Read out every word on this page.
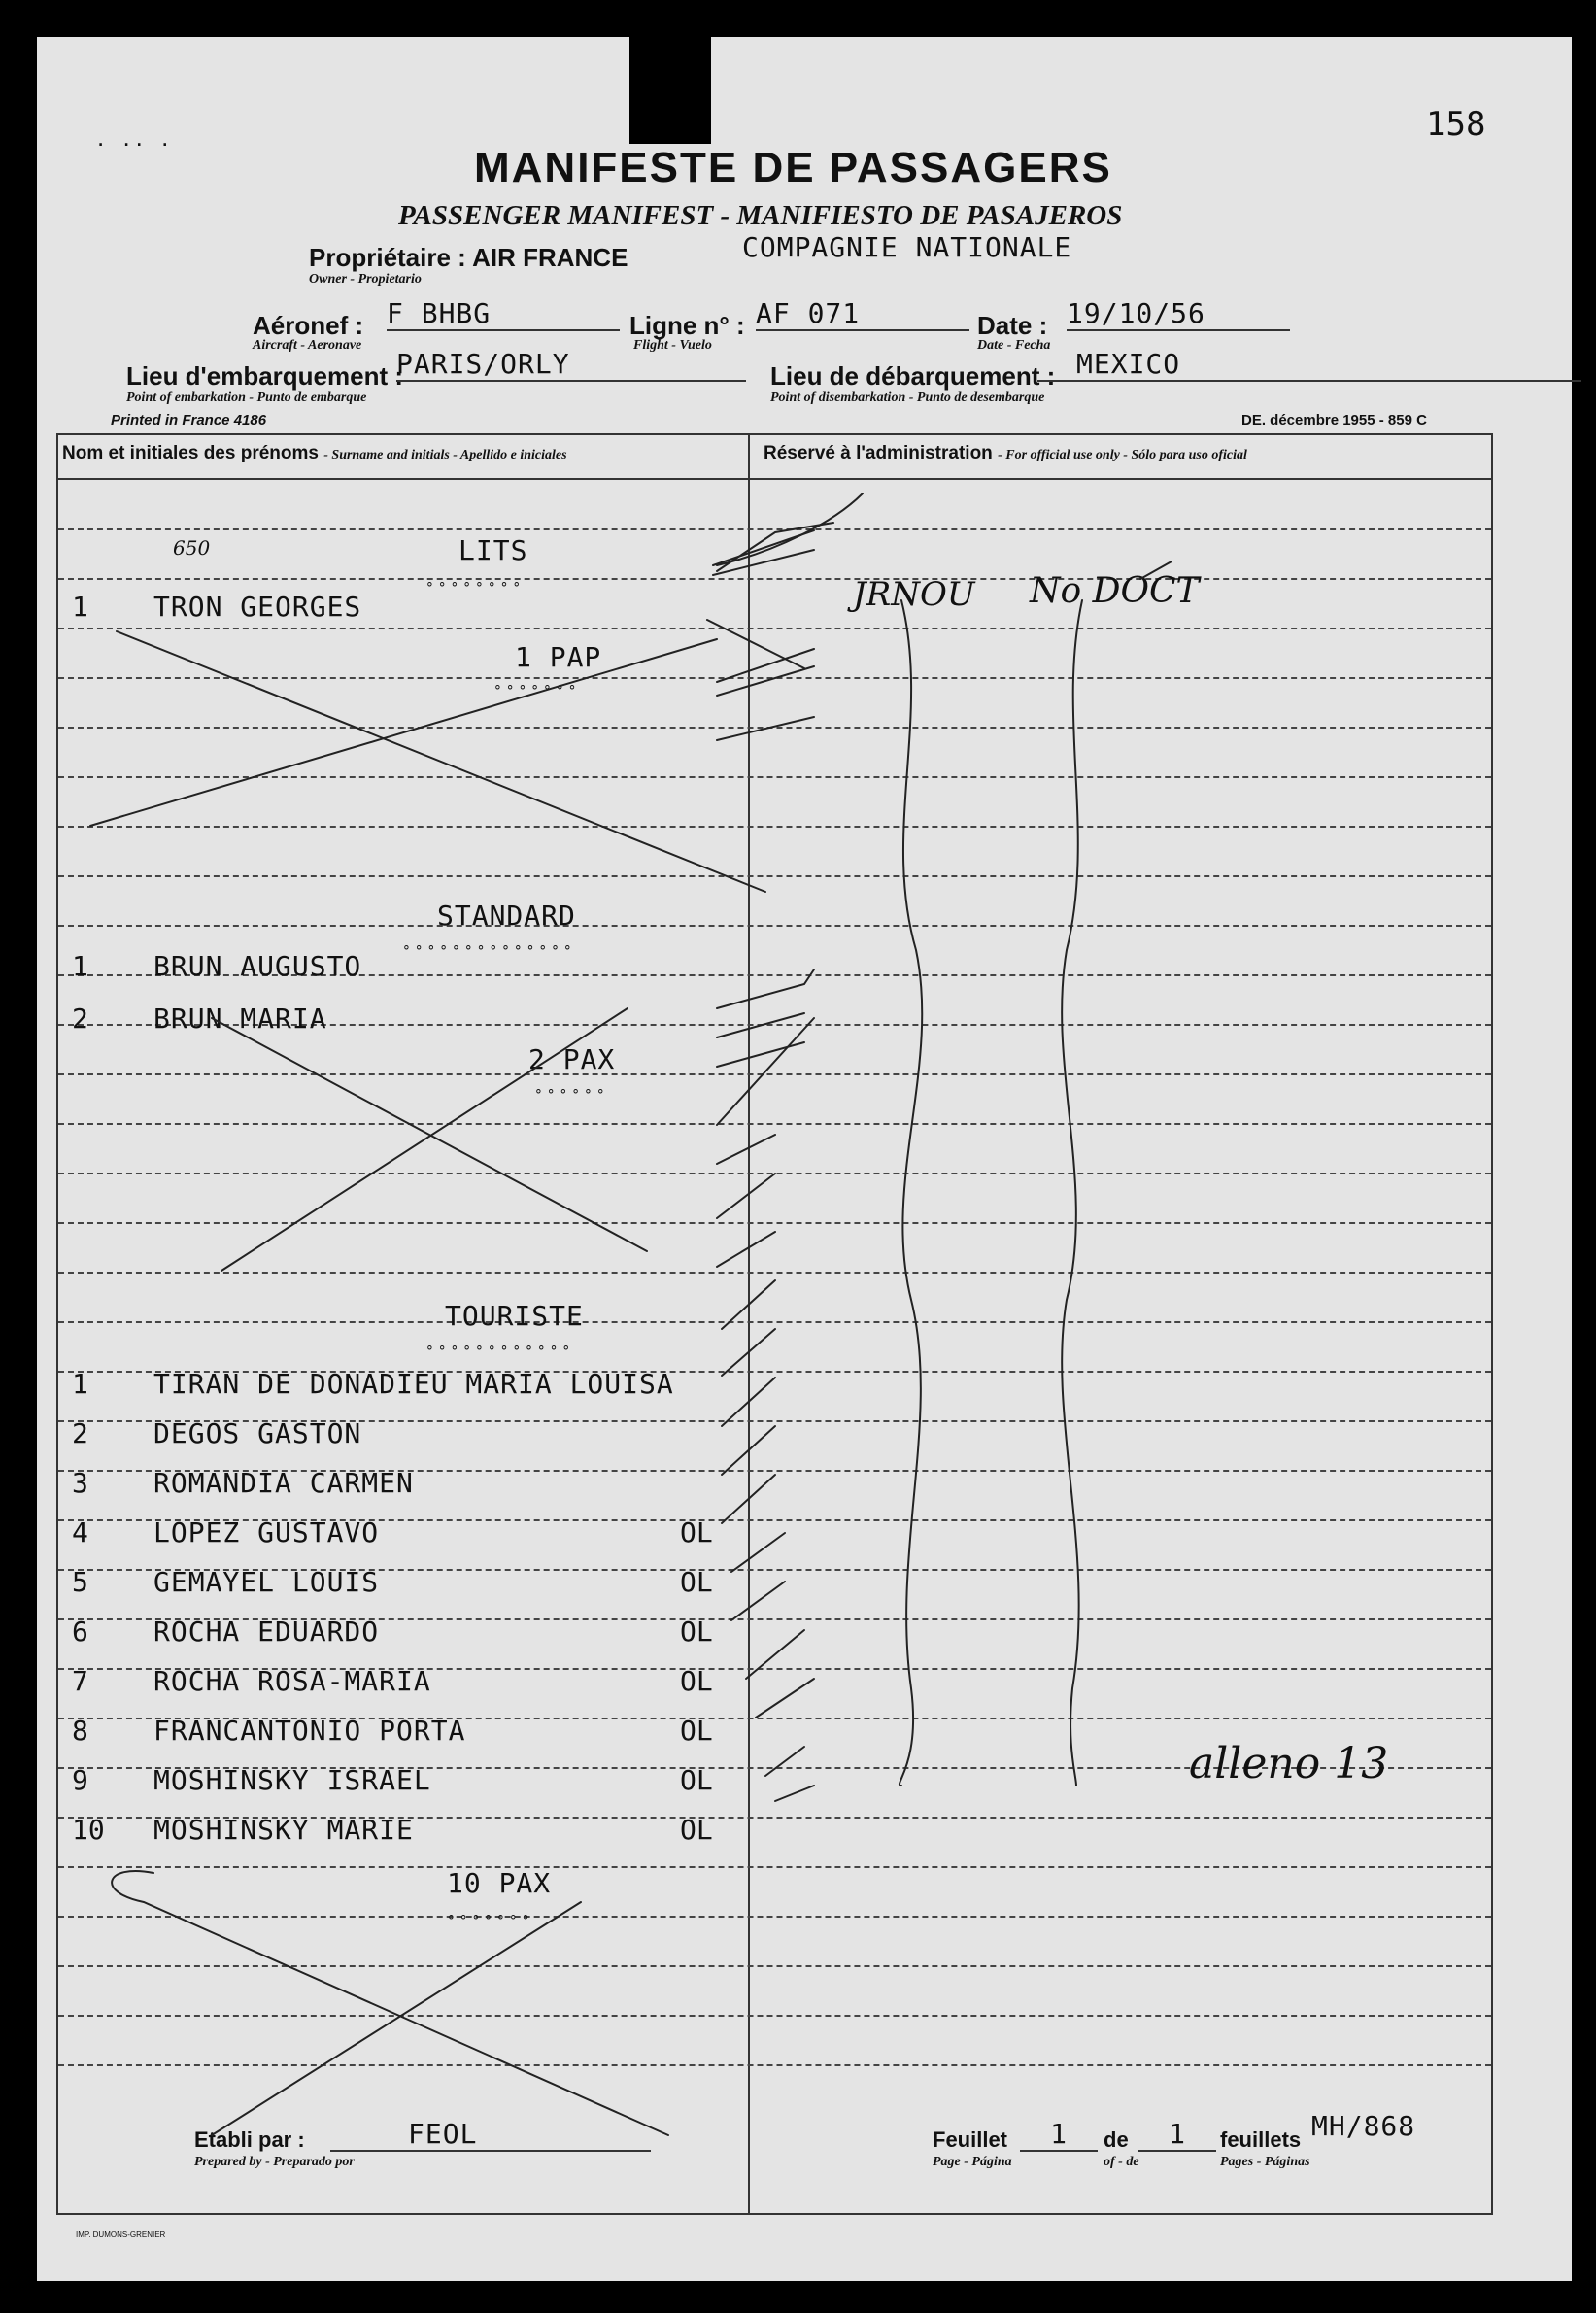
. .. .	158
MANIFESTE DE PASSAGERS
PASSENGER MANIFEST - MANIFIESTO DE PASAJEROS
Propriétaire : AIR FRANCE
Owner - Propietario
COMPAGNIE NATIONALE
Aéronef :
Aircraft - Aeronave
F BHBG	Ligne n° :
Flight - Vuelo
AF 071	Date :
Date - Fecha
19/10/56
Lieu d'embarquement :
Point of embarkation - Punto de embarque
PARIS/ORLY	Lieu de débarquement :
Point of disembarkation - Punto de desembarque
MEXICO
Printed in France 4186	DE. décembre 1955 - 859 C
Nom et initiales des prénoms - Surname and initials - Apellido e iniciales	Réservé à l'administration - For official use only - Sólo para uso oficial
650	LITS
∘∘∘∘∘∘∘∘
1 TRON GEORGES
1 PAP
∘∘∘∘∘∘∘
STANDARD
∘∘∘∘∘∘∘∘∘∘∘∘∘∘
1 BRUN AUGUSTO
2 BRUN MARIA
2 PAX
∘∘∘∘∘∘
TOURISTE
∘∘∘∘∘∘∘∘∘∘∘∘
1 TIRAN DE DONADIEU MARIA LOUISA
2 DEGOS GASTON
3 ROMANDIA CARMEN
4 LOPEZ GUSTAVO	OL
5 GEMAYEL LOUIS	OL
6 ROCHA EDUARDO	OL
7 ROCHA ROSA-MARIA	OL
8 FRANCANTONIO PORTA	OL
9 MOSHINSKY ISRAEL	OL
10 MOSHINSKY MARIE	OL
10 PAX
∘∘∘∘∘∘∘
JRNOU No DOCT
alleno 13
Etabli par :
Prepared by - Preparado por
FEOL	Feuillet
Page - Página
1	de
of - de
1	feuillets
Pages - Páginas
MH/868
IMP. DUMONS-GRENIER
